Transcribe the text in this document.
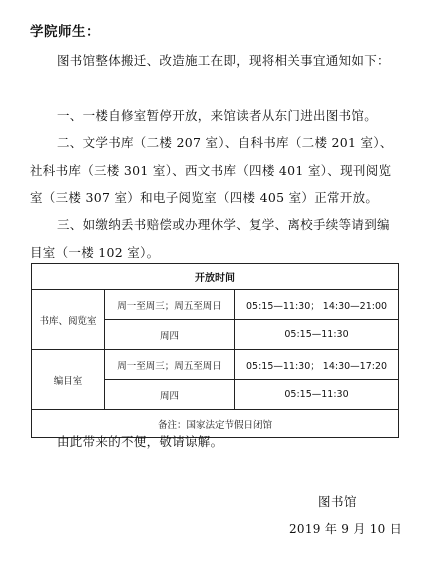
学院师生：
图书馆整体搬迁、改造施工在即，现将相关事宜通知如下：
一、一楼自修室暂停开放，来馆读者从东门进出图书馆。
二、文学书库（二楼 207 室）、自科书库（二楼 201 室）、社科书库（三楼 301 室）、西文书库（四楼 401 室）、现刊阅览室（三楼 307 室）和电子阅览室（四楼 405 室）正常开放。
三、如缴纳丢书赔偿或办理休学、复学、离校手续等请到编目室（一楼 102 室）。
开放时间		
书库、阅览室	周一至周三；周五至周日	05:15—11:30； 14:30—21:00
	周四	05:15—11:30
编目室	周一至周三；周五至周日	05:15—11:30； 14:30—17:20
	周四	05:15—11:30
备注：国家法定节假日闭馆		
由此带来的不便，敬请谅解。
图书馆
2019 年 9 月 10 日
